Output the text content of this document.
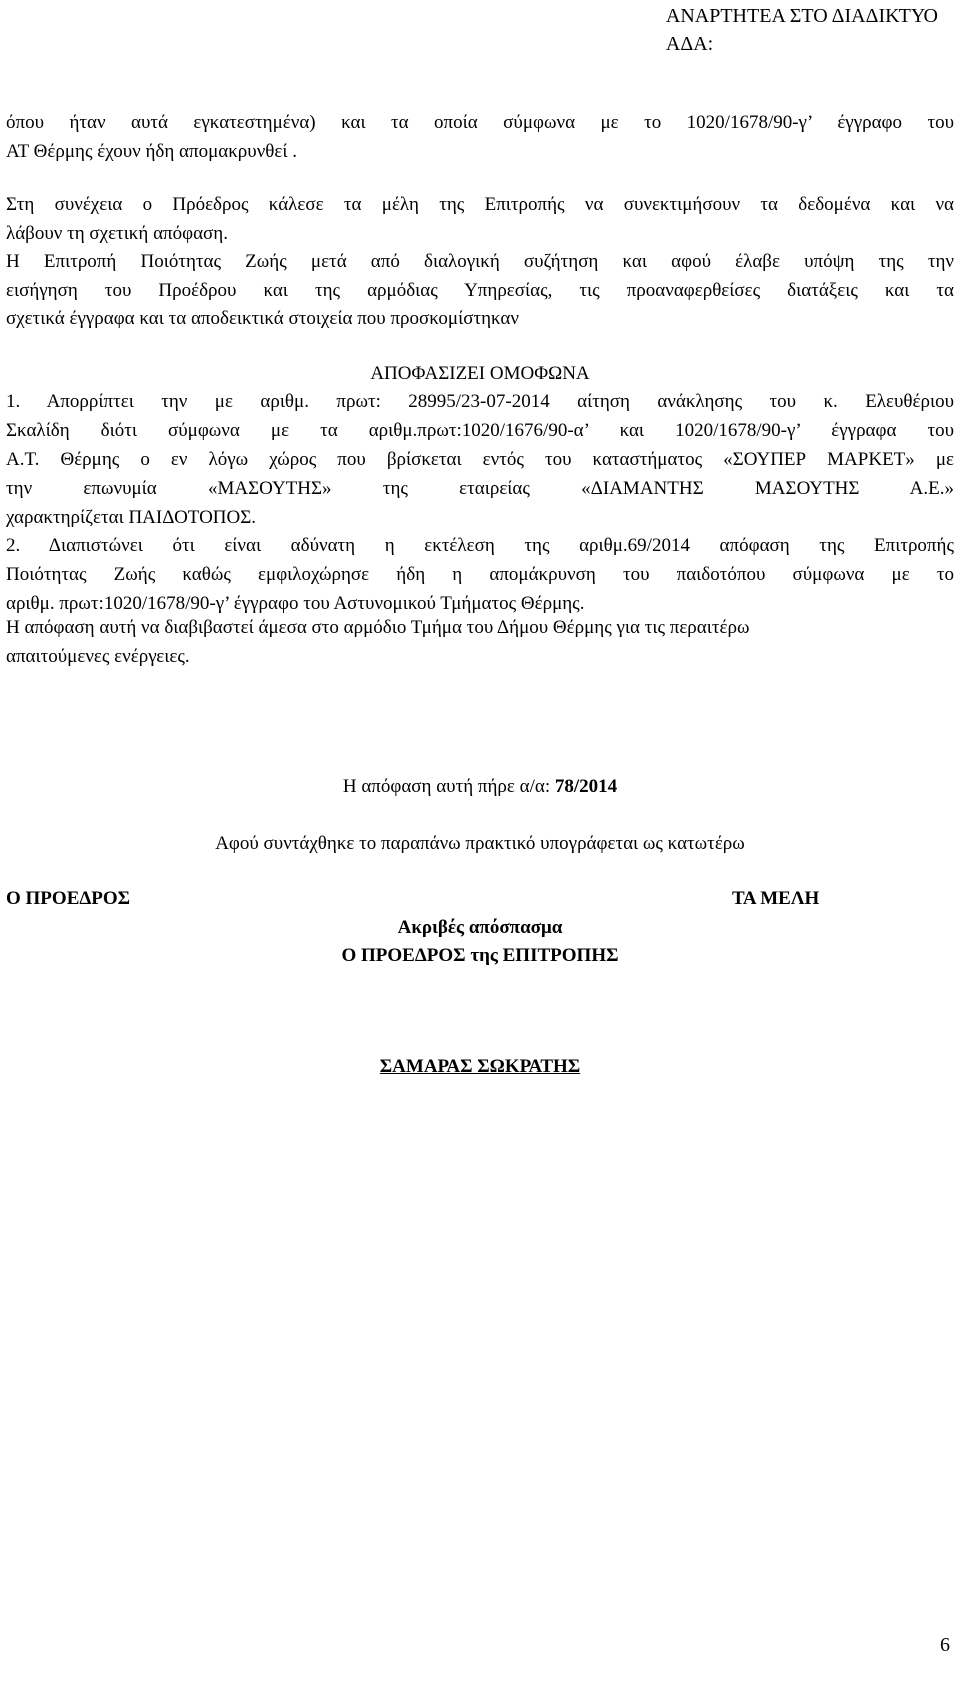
ΑΝΑΡΤΗΤΕΑ ΣΤΟ ΔΙΑΔΙΚΤΥΟ
ΑΔΑ:
όπου ήταν αυτά εγκατεστημένα) και τα οποία σύμφωνα με το 1020/1678/90-γ’ έγγραφο του
ΑΤ Θέρμης έχουν ήδη απομακρυνθεί .
Στη συνέχεια ο Πρόεδρος κάλεσε τα μέλη της Επιτροπής να συνεκτιμήσουν τα δεδομένα και να
λάβουν τη σχετική απόφαση.
Η Επιτροπή Ποιότητας Ζωής μετά από διαλογική συζήτηση και αφού έλαβε υπόψη της την
εισήγηση του Προέδρου και της αρμόδιας Υπηρεσίας, τις προαναφερθείσες διατάξεις και τα
σχετικά έγγραφα και τα αποδεικτικά στοιχεία που προσκομίστηκαν
ΑΠΟΦΑΣΙΖΕΙ ΟΜΟΦΩΝΑ
1. Απορρίπτει την με αριθμ. πρωτ: 28995/23-07-2014 αίτηση ανάκλησης του κ. Ελευθέριου
Σκαλίδη διότι σύμφωνα με τα αριθμ.πρωτ:1020/1676/90-α’ και 1020/1678/90-γ’ έγγραφα του
Α.Τ. Θέρμης ο εν λόγω χώρος που βρίσκεται εντός του καταστήματος «ΣΟΥΠΕΡ ΜΑΡΚΕΤ» με
την επωνυμία «ΜΑΣΟΥΤΗΣ» της εταιρείας «ΔΙΑΜΑΝΤΗΣ ΜΑΣΟΥΤΗΣ Α.Ε.»
χαρακτηρίζεται ΠΑΙΔΟΤΟΠΟΣ.
2. Διαπιστώνει ότι είναι αδύνατη η εκτέλεση της αριθμ.69/2014 απόφαση της Επιτροπής
Ποιότητας Ζωής καθώς εμφιλοχώρησε ήδη η απομάκρυνση του παιδοτόπου σύμφωνα με το
αριθμ. πρωτ:1020/1678/90-γ’ έγγραφο του Αστυνομικού Τμήματος Θέρμης.
Η απόφαση αυτή να διαβιβαστεί άμεσα στο αρμόδιο Τμήμα του Δήμου Θέρμης για τις περαιτέρω
απαιτούμενες ενέργειες.
Η απόφαση αυτή πήρε α/α: 78/2014
Αφού συντάχθηκε το παραπάνω πρακτικό υπογράφεται ως κατωτέρω
Ο ΠΡΟΕΔΡΟΣ	ΤΑ ΜΕΛΗ
Ακριβές απόσπασμα
Ο ΠΡΟΕΔΡΟΣ της ΕΠΙΤΡΟΠΗΣ
ΣΑΜΑΡΑΣ ΣΩΚΡΑΤΗΣ
6
